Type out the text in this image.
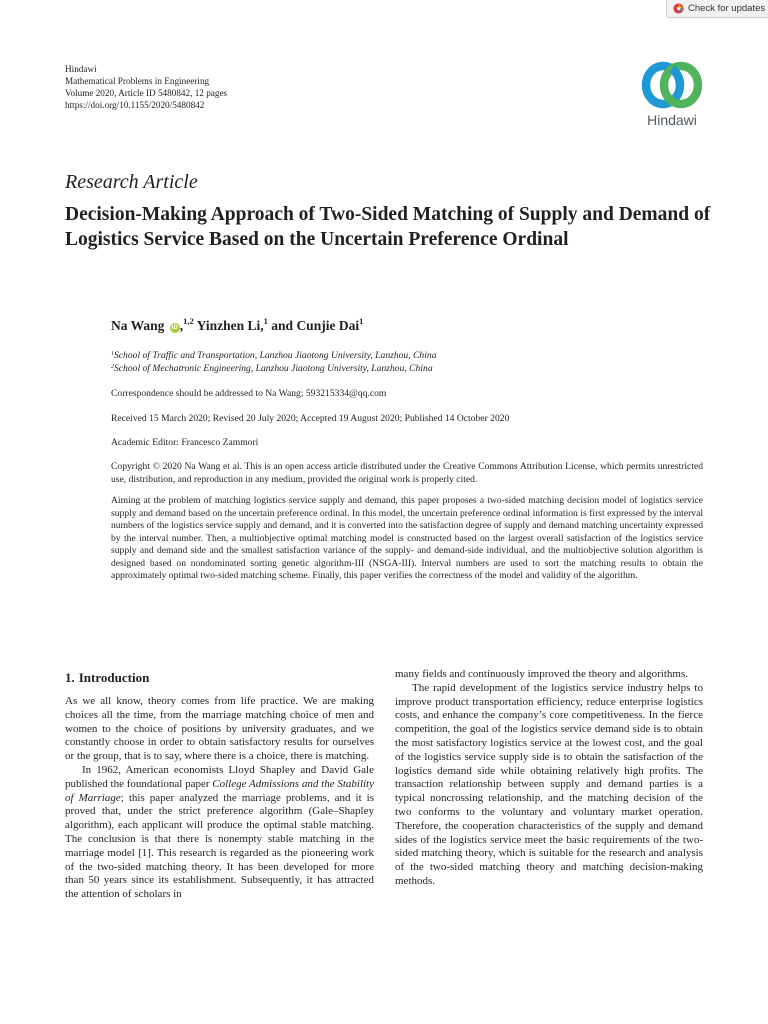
Check for updates
Hindawi
Mathematical Problems in Engineering
Volume 2020, Article ID 5480842, 12 pages
https://doi.org/10.1155/2020/5480842
Hindawi
Research Article
Decision-Making Approach of Two-Sided Matching of Supply and Demand of Logistics Service Based on the Uncertain Preference Ordinal
Na Wang iD ,$^{1,2}$ Yinzhen Li,$^1$ and Cunjie Dai$^1$
$^1$School of Traffic and Transportation, Lanzhou Jiaotong University, Lanzhou, China
$^2$School of Mechatronic Engineering, Lanzhou Jiaotong University, Lanzhou, China
Correspondence should be addressed to Na Wang; 593215334@qq.com
Received 15 March 2020; Revised 20 July 2020; Accepted 19 August 2020; Published 14 October 2020
Academic Editor: Francesco Zammori

Copyright © 2020 Na Wang et al. This is an open access article distributed under the Creative Commons Attribution License, which permits unrestricted use, distribution, and reproduction in any medium, provided the original work is properly cited.

Aiming at the problem of matching logistics service supply and demand, this paper proposes a two-sided matching decision model of logistics service supply and demand based on the uncertain preference ordinal. In this model, the uncertain preference ordinal information is first expressed by the interval numbers of the logistics service supply and demand, and it is converted into the satisfaction degree of supply and demand matching uncertainty expressed by the interval number. Then, a multiobjective optimal matching model is constructed based on the largest overall satisfaction of the logistics service supply and demand side and the smallest satisfaction variance of the supply- and demand-side individual, and the multiobjective solution algorithm is designed based on nondominated sorting genetic algorithm-III (NSGA-III). Interval numbers are used to sort the matching results to obtain the approximately optimal two-sided matching scheme. Finally, this paper verifies the correctness of the model and validity of the algorithm.

1. Introduction

As we all know, theory comes from life practice. We are making choices all the time, from the marriage matching choice of men and women to the choice of positions by university graduates, and we constantly choose in order to obtain satisfactory results for ourselves or the group, that is to say, where there is a choice, there is matching.

In 1962, American economists Lloyd Shapley and David Gale published the foundational paper College Admissions and the Stability of Marriage; this paper analyzed the marriage problems, and it is proved that, under the strict preference algorithm (Gale–Shapley algorithm), each applicant will produce the optimal stable matching. The conclusion is that there is nonempty stable matching in the marriage model [1]. This research is regarded as the pioneering work of the two-sided matching theory. It has been developed for more than 50 years since its establishment. Subsequently, it has attracted the attention of scholars in

many fields and continuously improved the theory and algorithms.

The rapid development of the logistics service industry helps to improve product transportation efficiency, reduce enterprise logistics costs, and enhance the company’s core competitiveness. In the fierce competition, the goal of the logistics service demand side is to obtain the most satisfactory logistics service at the lowest cost, and the goal of the logistics service supply side is to obtain the satisfaction of the logistics demand side while obtaining relatively high profits. The transaction relationship between supply and demand parties is a typical noncrossing relationship, and the matching decision of the two conforms to the voluntary and voluntary market operation. Therefore, the cooperation characteristics of the supply and demand sides of the logistics service meet the basic requirements of the two-sided matching theory, which is suitable for the research and analysis of the two-sided matching theory and matching decision-making methods.
